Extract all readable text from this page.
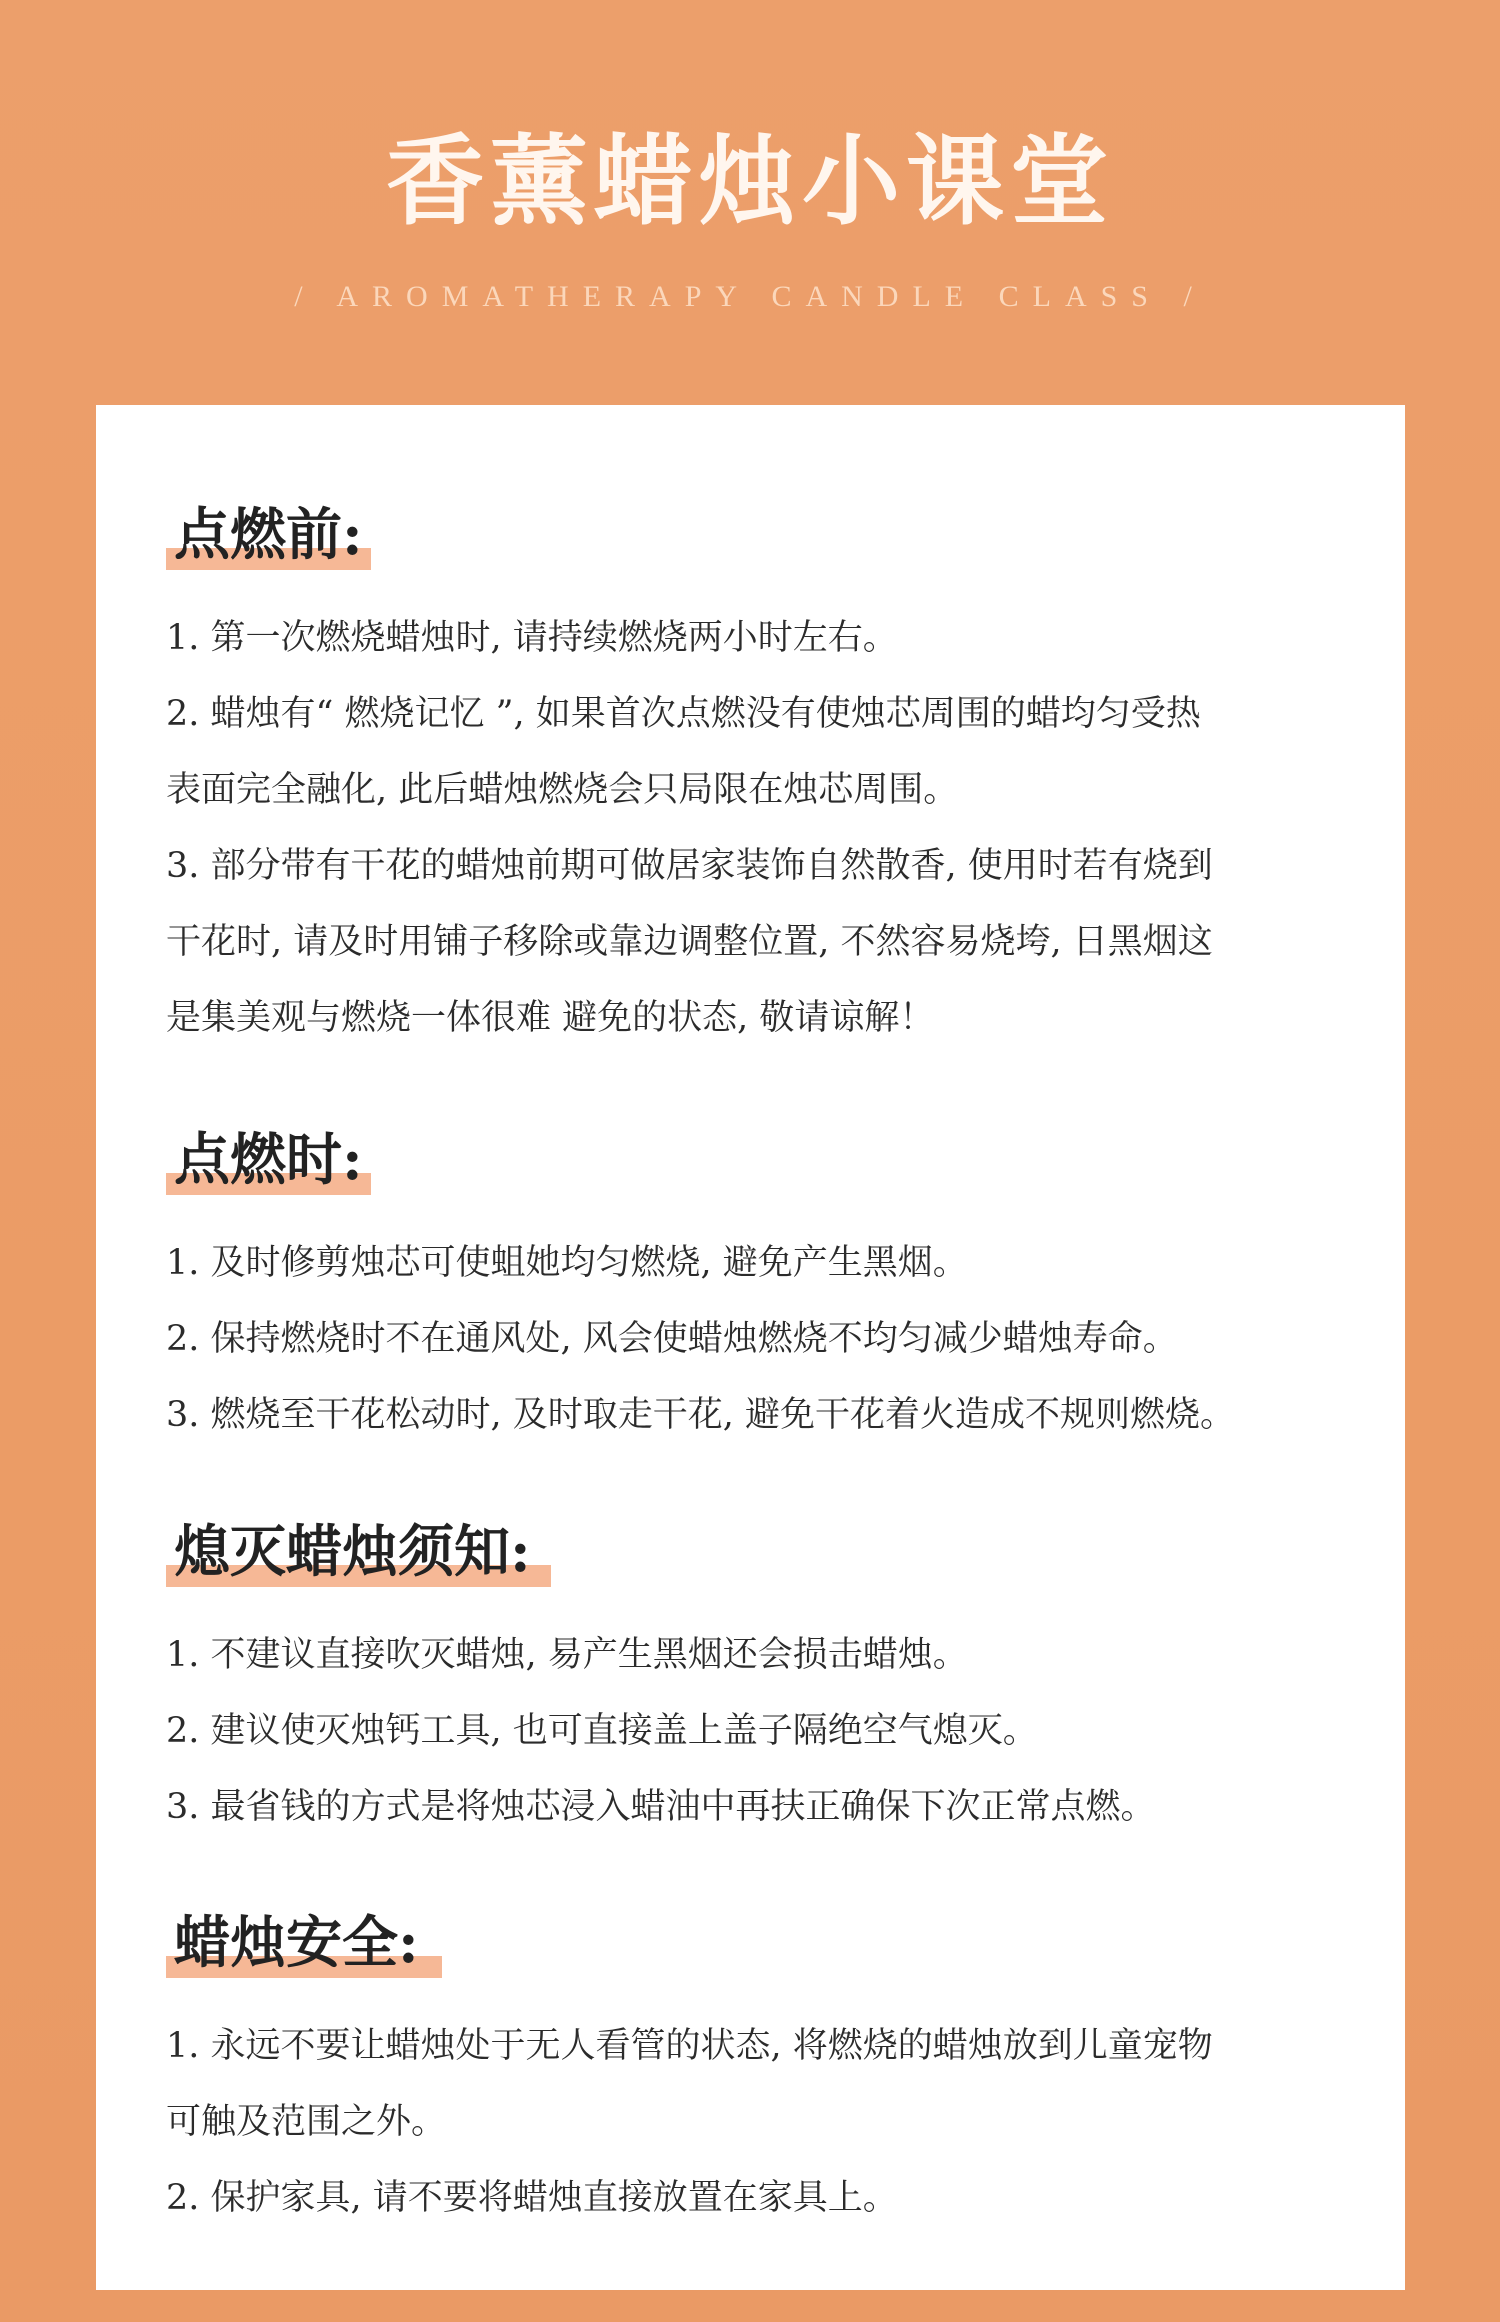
香薰蜡烛小课堂
/ AROMATHERAPY CANDLE CLASS /
点燃前:
1. 第一次燃烧蜡烛时, 请持续燃烧两小时左右。
2. 蜡烛有“ 燃烧记忆 ”, 如果首次点燃没有使烛芯周围的蜡均匀受热
表面完全融化, 此后蜡烛燃烧会只局限在烛芯周围。
3. 部分带有干花的蜡烛前期可做居家装饰自然散香, 使用时若有烧到
干花时, 请及时用铺子移除或靠边调整位置, 不然容易烧垮, 日黑烟这
是集美观与燃烧一体很难 避免的状态, 敬请谅解！
点燃时:
1. 及时修剪烛芯可使蛆她均匀燃烧, 避免产生黑烟。
2. 保持燃烧时不在通风处, 风会使蜡烛燃烧不均匀减少蜡烛寿命。
3. 燃烧至干花松动时, 及时取走干花, 避免干花着火造成不规则燃烧。
熄灭蜡烛须知:
1. 不建议直接吹灭蜡烛, 易产生黑烟还会损击蜡烛。
2. 建议使灭烛钙工具, 也可直接盖上盖子隔绝空气熄灭。
3. 最省钱的方式是将烛芯浸入蜡油中再扶正确保下次正常点燃。
蜡烛安全:
1. 永远不要让蜡烛处于无人看管的状态, 将燃烧的蜡烛放到儿童宠物
可触及范围之外。
2. 保护家具, 请不要将蜡烛直接放置在家具上。
